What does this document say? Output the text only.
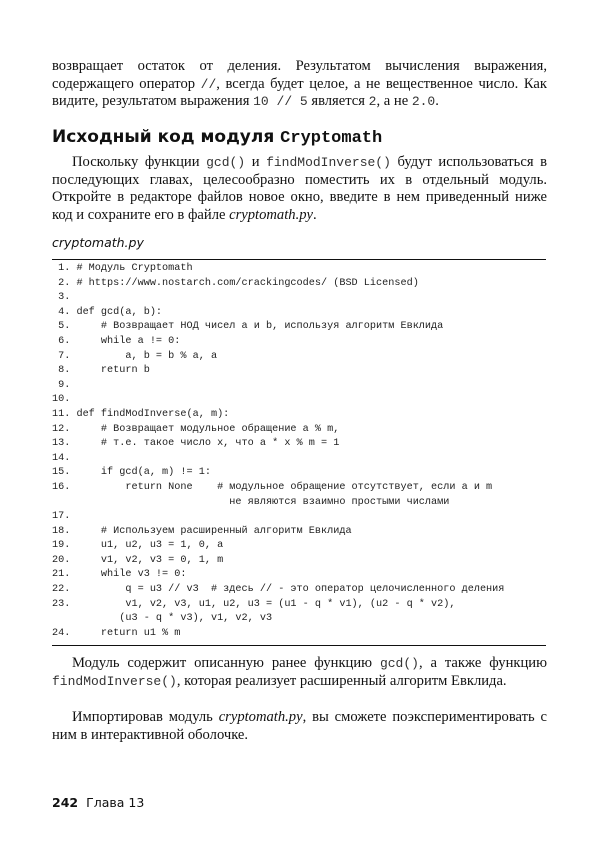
возвращает остаток от деления. Результатом вычисления выражения, содержащего оператор //, всегда будет целое, а не вещественное число. Как видите, результатом выражения 10 // 5 является 2, а не 2.0.
Исходный код модуля Cryptomath
Поскольку функции gcd() и findModInverse() будут использоваться в последующих главах, целесообразно поместить их в отдельный модуль. Откройте в редакторе файлов новое окно, введите в нем приведенный ниже код и сохраните его в файле cryptomath.py.
cryptomath.py
1. # Модуль Cryptomath
2. # https://www.nostarch.com/crackingcodes/ (BSD Licensed)
3.
4. def gcd(a, b):
5.     # Возвращает НОД чисел a и b, используя алгоритм Евклида
6.     while a != 0:
7.         a, b = b % a, a
8.     return b
9.
10.
11. def findModInverse(a, m):
12.     # Возвращает модульное обращение a % m,
13.     # т.е. такое число x, что a * x % m = 1
14.
15.     if gcd(a, m) != 1:
16.         return None    # модульное обращение отсутствует, если a и m
не являются взаимно простыми числами
17.
18.     # Используем расширенный алгоритм Евклида
19.     u1, u2, u3 = 1, 0, a
20.     v1, v2, v3 = 0, 1, m
21.     while v3 != 0:
22.         q = u3 // v3  # здесь // - это оператор целочисленного деления
23.         v1, v2, v3, u1, u2, u3 = (u1 - q * v1), (u2 - q * v2),
(u3 - q * v3), v1, v2, v3
24.     return u1 % m
Модуль содержит описанную ранее функцию gcd(), а также функцию findModInverse(), которая реализует расширенный алгоритм Евклида.
Импортировав модуль cryptomath.py, вы сможете поэкспериментировать с ним в интерактивной оболочке.
242 Глава 13
